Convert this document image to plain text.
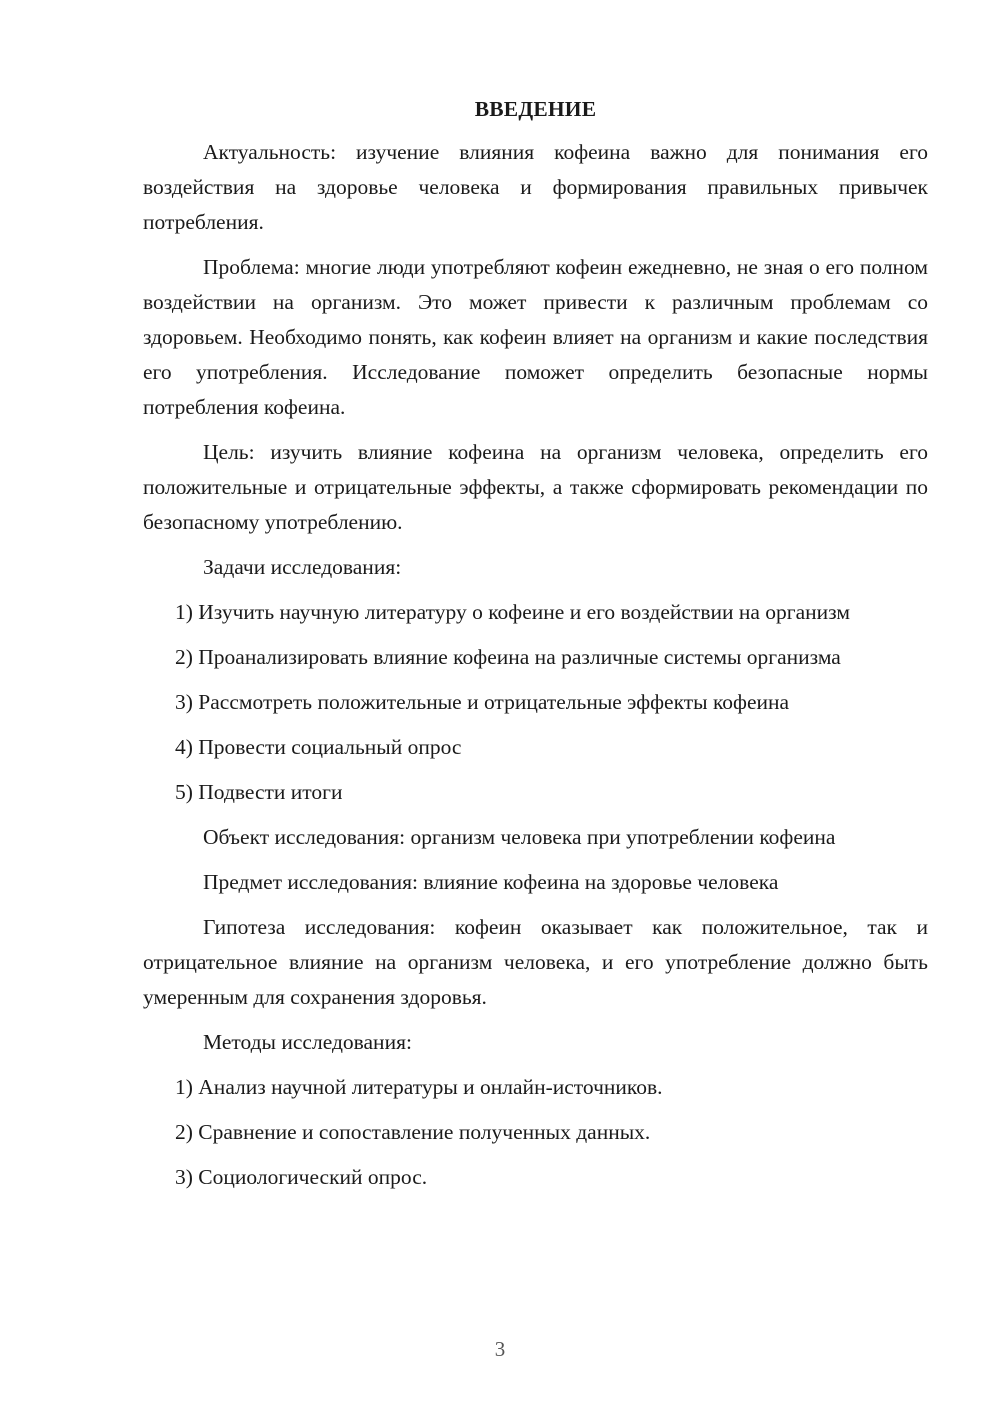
ВВЕДЕНИЕ

Актуальность: изучение влияния кофеина важно для понимания его воздействия на здоровье человека и формирования правильных привычек потребления.

Проблема: многие люди употребляют кофеин ежедневно, не зная о его полном воздействии на организм. Это может привести к различным проблемам со здоровьем. Необходимо понять, как кофеин влияет на организм и какие последствия его употребления. Исследование поможет определить безопасные нормы потребления кофеина.

Цель: изучить влияние кофеина на организм человека, определить его положительные и отрицательные эффекты, а также сформировать рекомендации по безопасному употреблению.

Задачи исследования:

1) Изучить научную литературу о кофеине и его воздействии на организм

2) Проанализировать влияние кофеина на различные системы организма

3) Рассмотреть положительные и отрицательные эффекты кофеина

4) Провести социальный опрос

5) Подвести итоги

Объект исследования: организм человека при употреблении кофеина

Предмет исследования: влияние кофеина на здоровье человека

Гипотеза исследования: кофеин оказывает как положительное, так и отрицательное влияние на организм человека, и его употребление должно быть умеренным для сохранения здоровья.

Методы исследования:

1) Анализ научной литературы и онлайн-источников.

2) Сравнение и сопоставление полученных данных.

3) Социологический опрос.

3
